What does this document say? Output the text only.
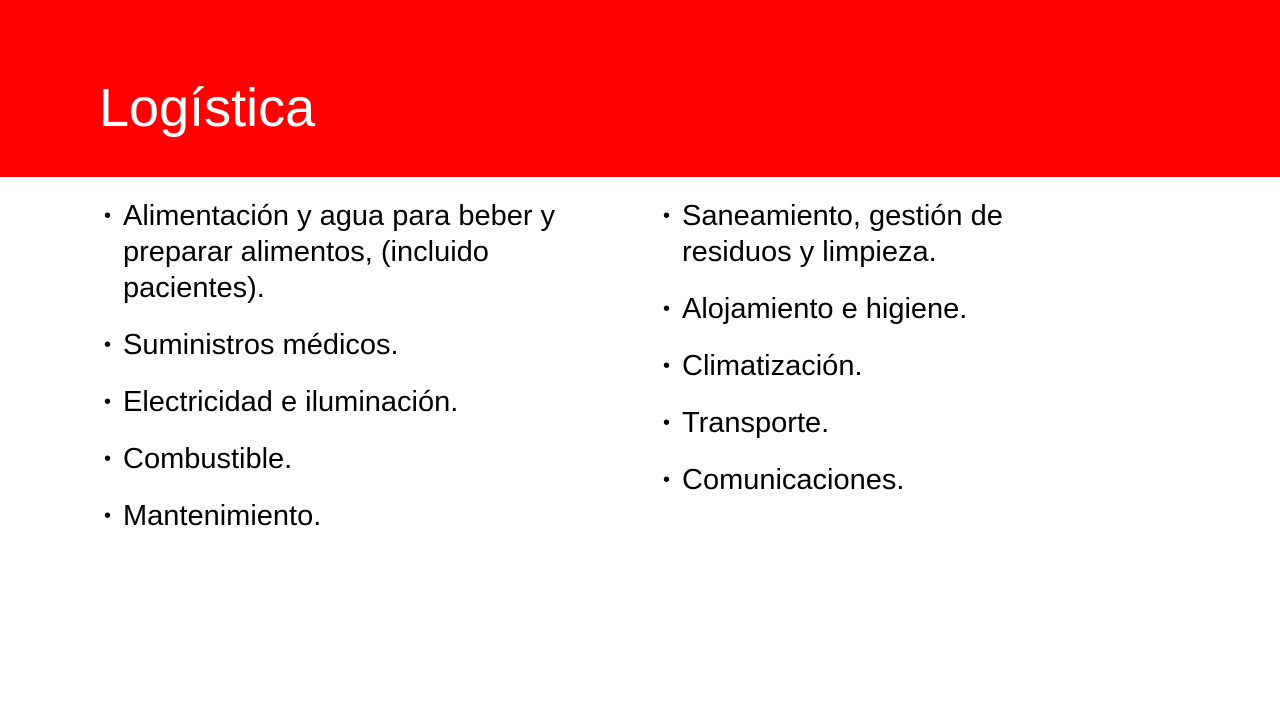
Logística
• Alimentación y agua para beber y preparar alimentos, (incluido pacientes).
• Suministros médicos.
• Electricidad e iluminación.
• Combustible.
• Mantenimiento.
• Saneamiento, gestión de residuos y limpieza.
• Alojamiento e higiene.
• Climatización.
• Transporte.
• Comunicaciones.
